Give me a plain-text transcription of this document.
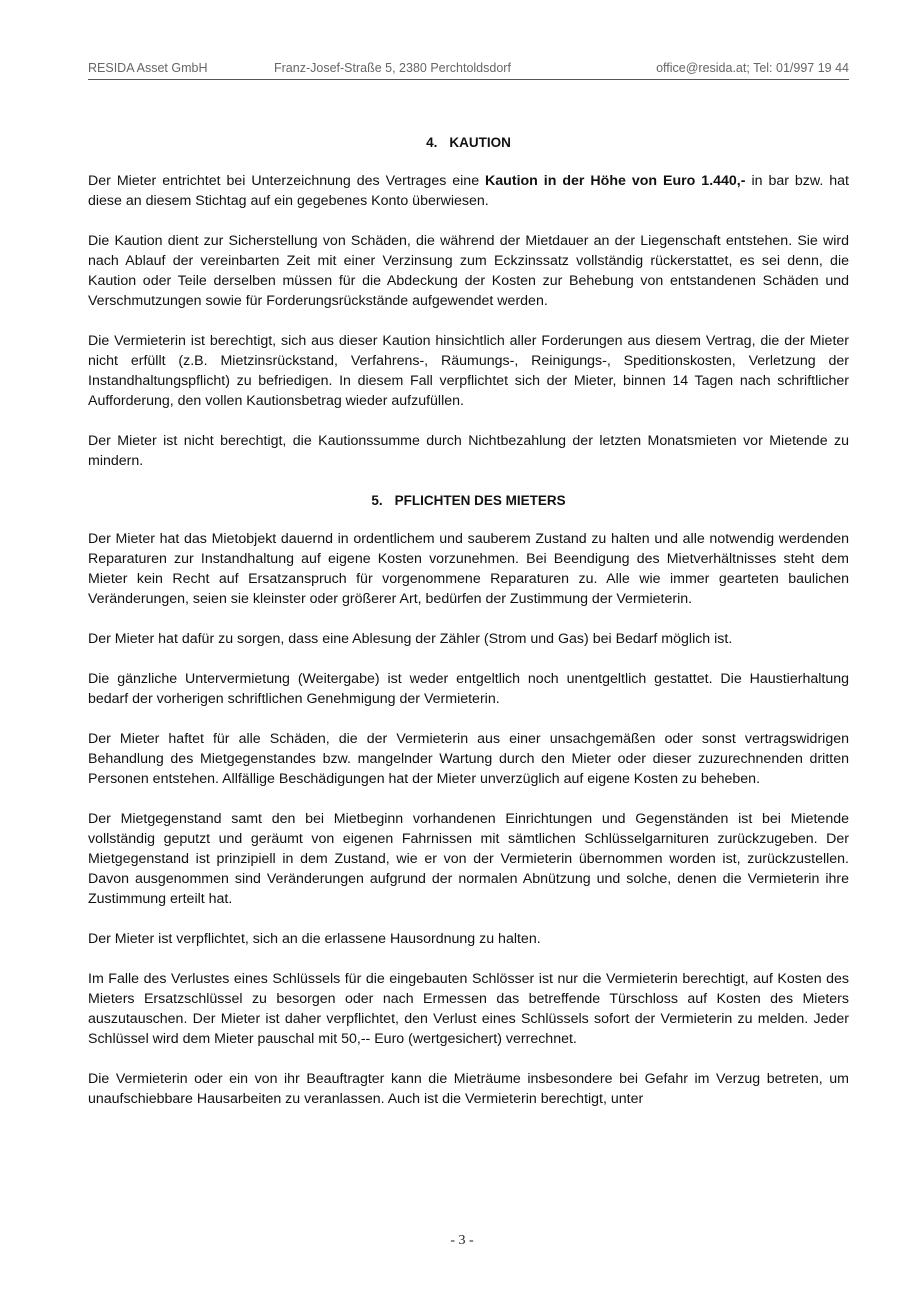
RESIDA Asset GmbH	Franz-Josef-Straße 5, 2380 Perchtoldsdorf	office@resida.at; Tel: 01/997 19 44
4. KAUTION

Der Mieter entrichtet bei Unterzeichnung des Vertrages eine Kaution in der Höhe von Euro 1.440,- in bar bzw. hat diese an diesem Stichtag auf ein gegebenes Konto überwiesen.

Die Kaution dient zur Sicherstellung von Schäden, die während der Mietdauer an der Liegenschaft entstehen. Sie wird nach Ablauf der vereinbarten Zeit mit einer Verzinsung zum Eckzinssatz vollständig rückerstattet, es sei denn, die Kaution oder Teile derselben müssen für die Abdeckung der Kosten zur Behebung von entstandenen Schäden und Verschmutzungen sowie für Forderungsrückstände aufgewendet werden.

Die Vermieterin ist berechtigt, sich aus dieser Kaution hinsichtlich aller Forderungen aus diesem Vertrag, die der Mieter nicht erfüllt (z.B. Mietzinsrückstand, Verfahrens-, Räumungs-, Reinigungs-, Speditionskosten, Verletzung der Instandhaltungspflicht) zu befriedigen. In diesem Fall verpflichtet sich der Mieter, binnen 14 Tagen nach schriftlicher Aufforderung, den vollen Kautionsbetrag wieder aufzufüllen.

Der Mieter ist nicht berechtigt, die Kautionssumme durch Nichtbezahlung der letzten Monatsmieten vor Mietende zu mindern.

5. PFLICHTEN DES MIETERS

Der Mieter hat das Mietobjekt dauernd in ordentlichem und sauberem Zustand zu halten und alle notwendig werdenden Reparaturen zur Instandhaltung auf eigene Kosten vorzunehmen. Bei Beendigung des Mietverhältnisses steht dem Mieter kein Recht auf Ersatzanspruch für vorgenommene Reparaturen zu. Alle wie immer gearteten baulichen Veränderungen, seien sie kleinster oder größerer Art, bedürfen der Zustimmung der Vermieterin.

Der Mieter hat dafür zu sorgen, dass eine Ablesung der Zähler (Strom und Gas) bei Bedarf möglich ist.

Die gänzliche Untervermietung (Weitergabe) ist weder entgeltlich noch unentgeltlich gestattet. Die Haustierhaltung bedarf der vorherigen schriftlichen Genehmigung der Vermieterin.

Der Mieter haftet für alle Schäden, die der Vermieterin aus einer unsachgemäßen oder sonst vertragswidrigen Behandlung des Mietgegenstandes bzw. mangelnder Wartung durch den Mieter oder dieser zuzurechnenden dritten Personen entstehen. Allfällige Beschädigungen hat der Mieter unverzüglich auf eigene Kosten zu beheben.

Der Mietgegenstand samt den bei Mietbeginn vorhandenen Einrichtungen und Gegenständen ist bei Mietende vollständig geputzt und geräumt von eigenen Fahrnissen mit sämtlichen Schlüsselgarnituren zurückzugeben. Der Mietgegenstand ist prinzipiell in dem Zustand, wie er von der Vermieterin übernommen worden ist, zurückzustellen. Davon ausgenommen sind Veränderungen aufgrund der normalen Abnützung und solche, denen die Vermieterin ihre Zustimmung erteilt hat.

Der Mieter ist verpflichtet, sich an die erlassene Hausordnung zu halten.

Im Falle des Verlustes eines Schlüssels für die eingebauten Schlösser ist nur die Vermieterin berechtigt, auf Kosten des Mieters Ersatzschlüssel zu besorgen oder nach Ermessen das betreffende Türschloss auf Kosten des Mieters auszutauschen. Der Mieter ist daher verpflichtet, den Verlust eines Schlüssels sofort der Vermieterin zu melden. Jeder Schlüssel wird dem Mieter pauschal mit 50,-- Euro (wertgesichert) verrechnet.

Die Vermieterin oder ein von ihr Beauftragter kann die Mieträume insbesondere bei Gefahr im Verzug betreten, um unaufschiebbare Hausarbeiten zu veranlassen. Auch ist die Vermieterin berechtigt, unter

- 3 -
